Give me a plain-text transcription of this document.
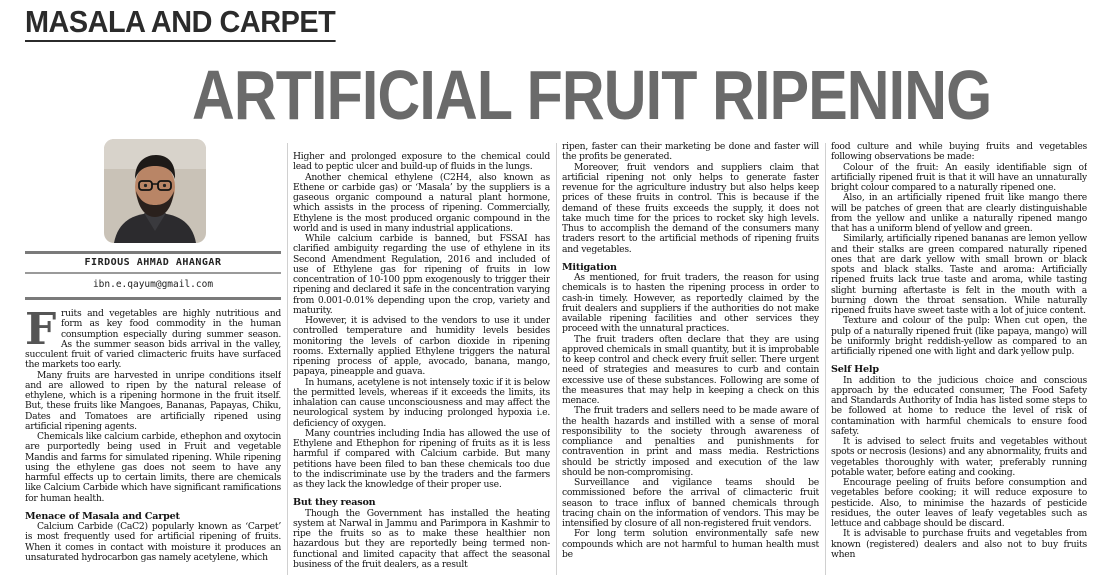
MASALA AND CARPET
ARTIFICIAL FRUIT RIPENING
FIRDOUS AHMAD AHANGAR
ibn.e.qayum@gmail.com

Fruits and vegetables are highly nutritious and form as key food commodity in the human consumption especially during summer season. As the summer season bids arrival in the valley, succulent fruit of varied climacteric fruits have surfaced the markets too early.

Many fruits are harvested in unripe conditions itself and are allowed to ripen by the natural release of ethylene, which is a ripening hormone in the fruit itself. But, these fruits like Mangoes, Bananas, Papayas, Chiku, Dates and Tomatoes are artificially ripened using artificial ripening agents.

Chemicals like calcium carbide, ethephon and oxytocin are purportedly being used in Fruit and vegetable Mandis and farms for simulated ripening. While ripening using the ethylene gas does not seem to have any harmful effects up to certain limits, there are chemicals like Calcium Carbide which have significant ramifications for human health.

Menace of Masala and Carpet

Calcium Carbide (CaC2) popularly known as ‘Carpet’ is most frequently used for artificial ripening of fruits. When it comes in contact with moisture it produces an unsaturated hydrocarbon gas namely acetylene, which

Higher and prolonged exposure to the chemical could lead to peptic ulcer and build-up of fluids in the lungs.

Another chemical ethylene (C2H4, also known as Ethene or carbide gas) or ‘Masala’ by the suppliers is a gaseous organic compound a natural plant hormone, which assists in the process of ripening. Commercially, Ethylene is the most produced organic compound in the world and is used in many industrial applications.

While calcium carbide is banned, but FSSAI has clarified ambiguity regarding the use of ethylene in its Second Amendment Regulation, 2016 and included of use of Ethylene gas for ripening of fruits in low concentration of 10-100 ppm exogenously to trigger their ripening and declared it safe in the concentration varying from 0.001-0.01% depending upon the crop, variety and maturity.

However, it is advised to the vendors to use it under controlled temperature and humidity levels besides monitoring the levels of carbon dioxide in ripening rooms. Externally applied Ethylene triggers the natural ripening process of apple, avocado, banana, mango, papaya, pineapple and guava.

In humans, acetylene is not intensely toxic if it is below the permitted levels, whereas if it exceeds the limits, its inhalation can cause unconsciousness and may affect the neurological system by inducing prolonged hypoxia i.e. deficiency of oxygen.

Many countries including India has allowed the use of Ethylene and Ethephon for ripening of fruits as it is less harmful if compared with Calcium carbide. But many petitions have been filed to ban these chemicals too due to the indiscriminate use by the traders and the farmers as they lack the knowledge of their proper use.

But they reason

Though the Government has installed the heating system at Narwal in Jammu and Parimpora in Kashmir to ripe the fruits so as to make these healthier non hazardous but they are reportedly being termed non-functional and limited capacity that affect the seasonal business of the fruit dealers, as a result

ripen, faster can their marketing be done and faster will the profits be generated.

Moreover, fruit vendors and suppliers claim that artificial ripening not only helps to generate faster revenue for the agriculture industry but also helps keep prices of these fruits in control. This is because if the demand of these fruits exceeds the supply, it does not take much time for the prices to rocket sky high levels. Thus to accomplish the demand of the consumers many traders resort to the artificial methods of ripening fruits and vegetables.

Mitigation

As mentioned, for fruit traders, the reason for using chemicals is to hasten the ripening process in order to cash-in timely. However, as reportedly claimed by the fruit dealers and suppliers if the authorities do not make available ripening facilities and other services they proceed with the unnatural practices.

The fruit traders often declare that they are using approved chemicals in small quantity, but it is improbable to keep control and check every fruit seller. There urgent need of strategies and measures to curb and contain excessive use of these substances. Following are some of the measures that may help in keeping a check on this menace.

The fruit traders and sellers need to be made aware of the health hazards and instilled with a sense of moral responsibility to the society through awareness of compliance and penalties and punishments for contravention in print and mass media. Restrictions should be strictly imposed and execution of the law should be non-compromising.

Surveillance and vigilance teams should be commissioned before the arrival of climacteric fruit season to trace influx of banned chemicals through tracing chain on the information of vendors. This may be intensified by closure of all non-registered fruit vendors.

For long term solution environmentally safe new compounds which are not harmful to human health must be

food culture and while buying fruits and vegetables following observations be made:

Colour of the fruit: An easily identifiable sign of artificially ripened fruit is that it will have an unnaturally bright colour compared to a naturally ripened one.

Also, in an artificially ripened fruit like mango there will be patches of green that are clearly distinguishable from the yellow and unlike a naturally ripened mango that has a uniform blend of yellow and green.

Similarly, artificially ripened bananas are lemon yellow and their stalks are green compared naturally ripened ones that are dark yellow with small brown or black spots and black stalks. Taste and aroma: Artificially ripened fruits lack true taste and aroma, while tasting slight burning aftertaste is felt in the mouth with a burning down the throat sensation. While naturally ripened fruits have sweet taste with a lot of juice content.

Texture and colour of the pulp: When cut open, the pulp of a naturally ripened fruit (like papaya, mango) will be uniformly bright reddish-yellow as compared to an artificially ripened one with light and dark yellow pulp.

Self Help

In addition to the judicious choice and conscious approach by the educated consumer, The Food Safety and Standards Authority of India has listed some steps to be followed at home to reduce the level of risk of contamination with harmful chemicals to ensure food safety.

It is advised to select fruits and vegetables without spots or necrosis (lesions) and any abnormality, fruits and vegetables thoroughly with water, preferably running potable water, before eating and cooking.

Encourage peeling of fruits before consumption and vegetables before cooking; it will reduce exposure to pesticide. Also, to minimise the hazards of pesticide residues, the outer leaves of leafy vegetables such as lettuce and cabbage should be discard.

It is advisable to purchase fruits and vegetables from known (registered) dealers and also not to buy fruits when
